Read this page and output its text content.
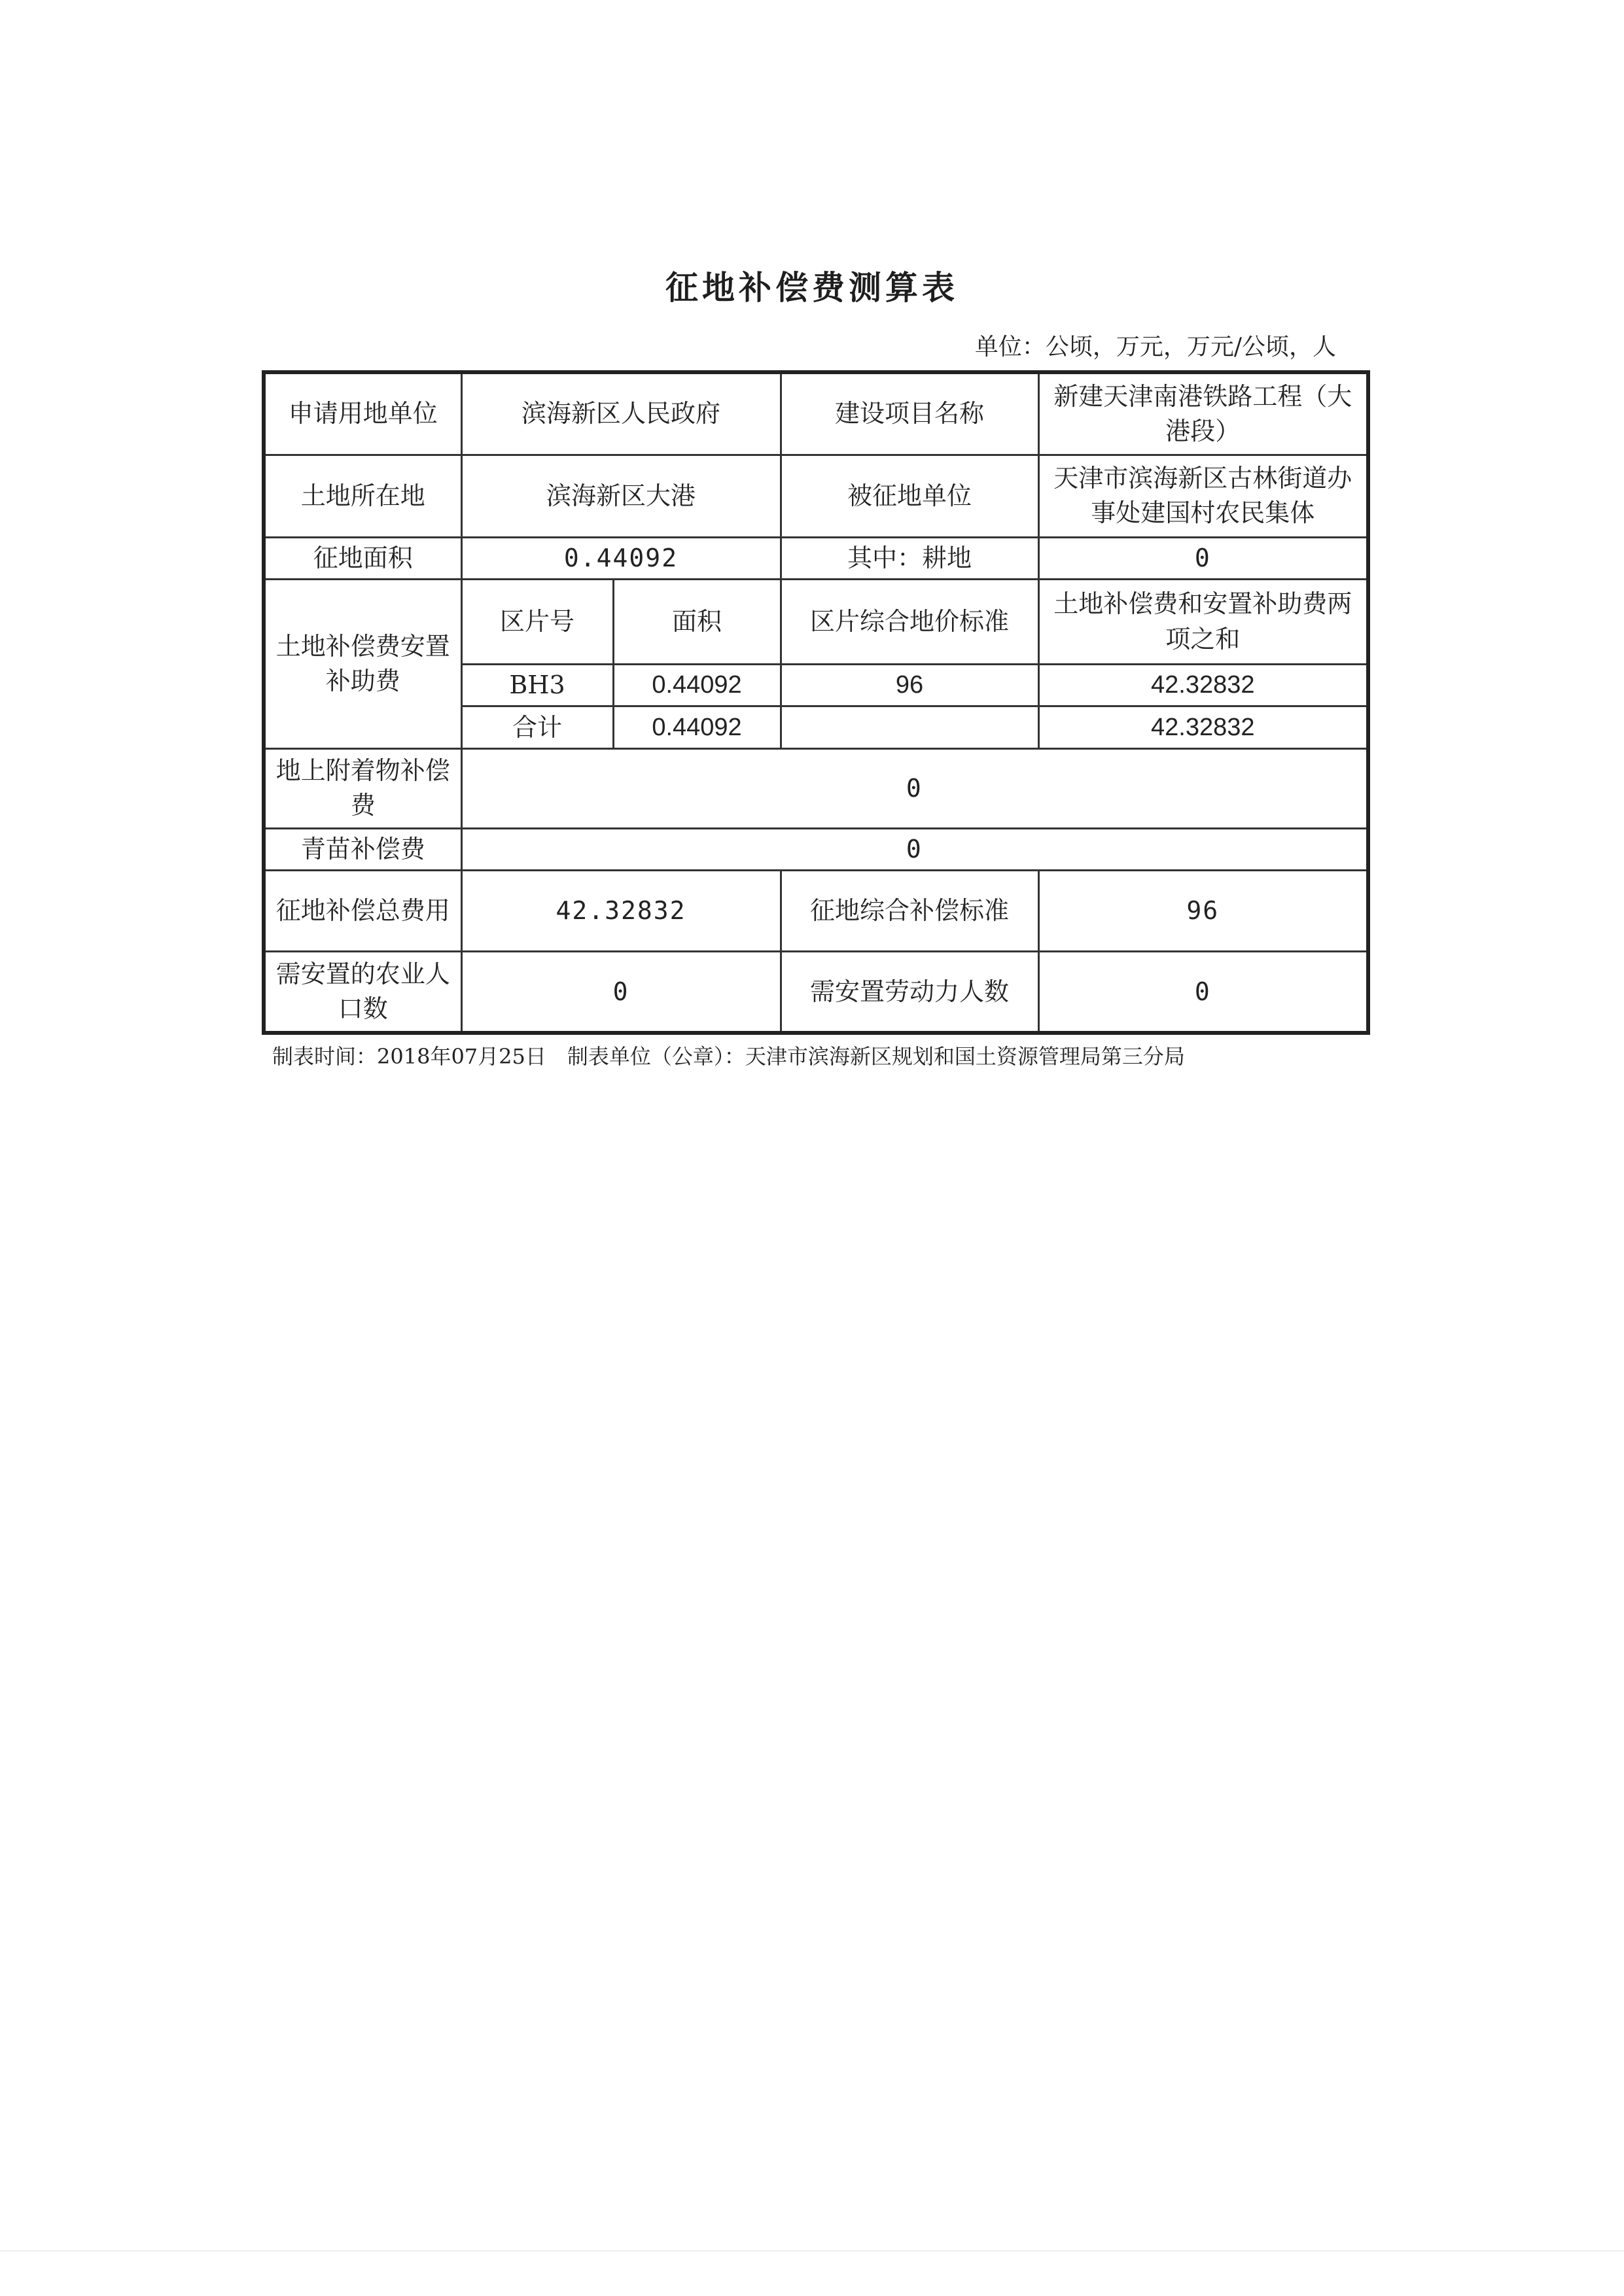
征地补偿费测算表
单位：公顷，万元，万元/公顷，人
申请用地单位	滨海新区人民政府		建设项目名称	新建天津南港铁路工程（大港段）
土地所在地	滨海新区大港		被征地单位	天津市滨海新区古林街道办事处建国村农民集体
征地面积	0.44092		其中：耕地	0
土地补偿费安置补助费	区片号	面积	区片综合地价标准	土地补偿费和安置补助费两项之和
	BH3	0.44092	96	42.32832
	合计	0.44092		42.32832
地上附着物补偿费	0			
青苗补偿费	0			
征地补偿总费用	42.32832		征地综合补偿标准	96
需安置的农业人口数	0		需安置劳动力人数	0
制表时间：2018年07月25日　制表单位（公章）：天津市滨海新区规划和国土资源管理局第三分局
